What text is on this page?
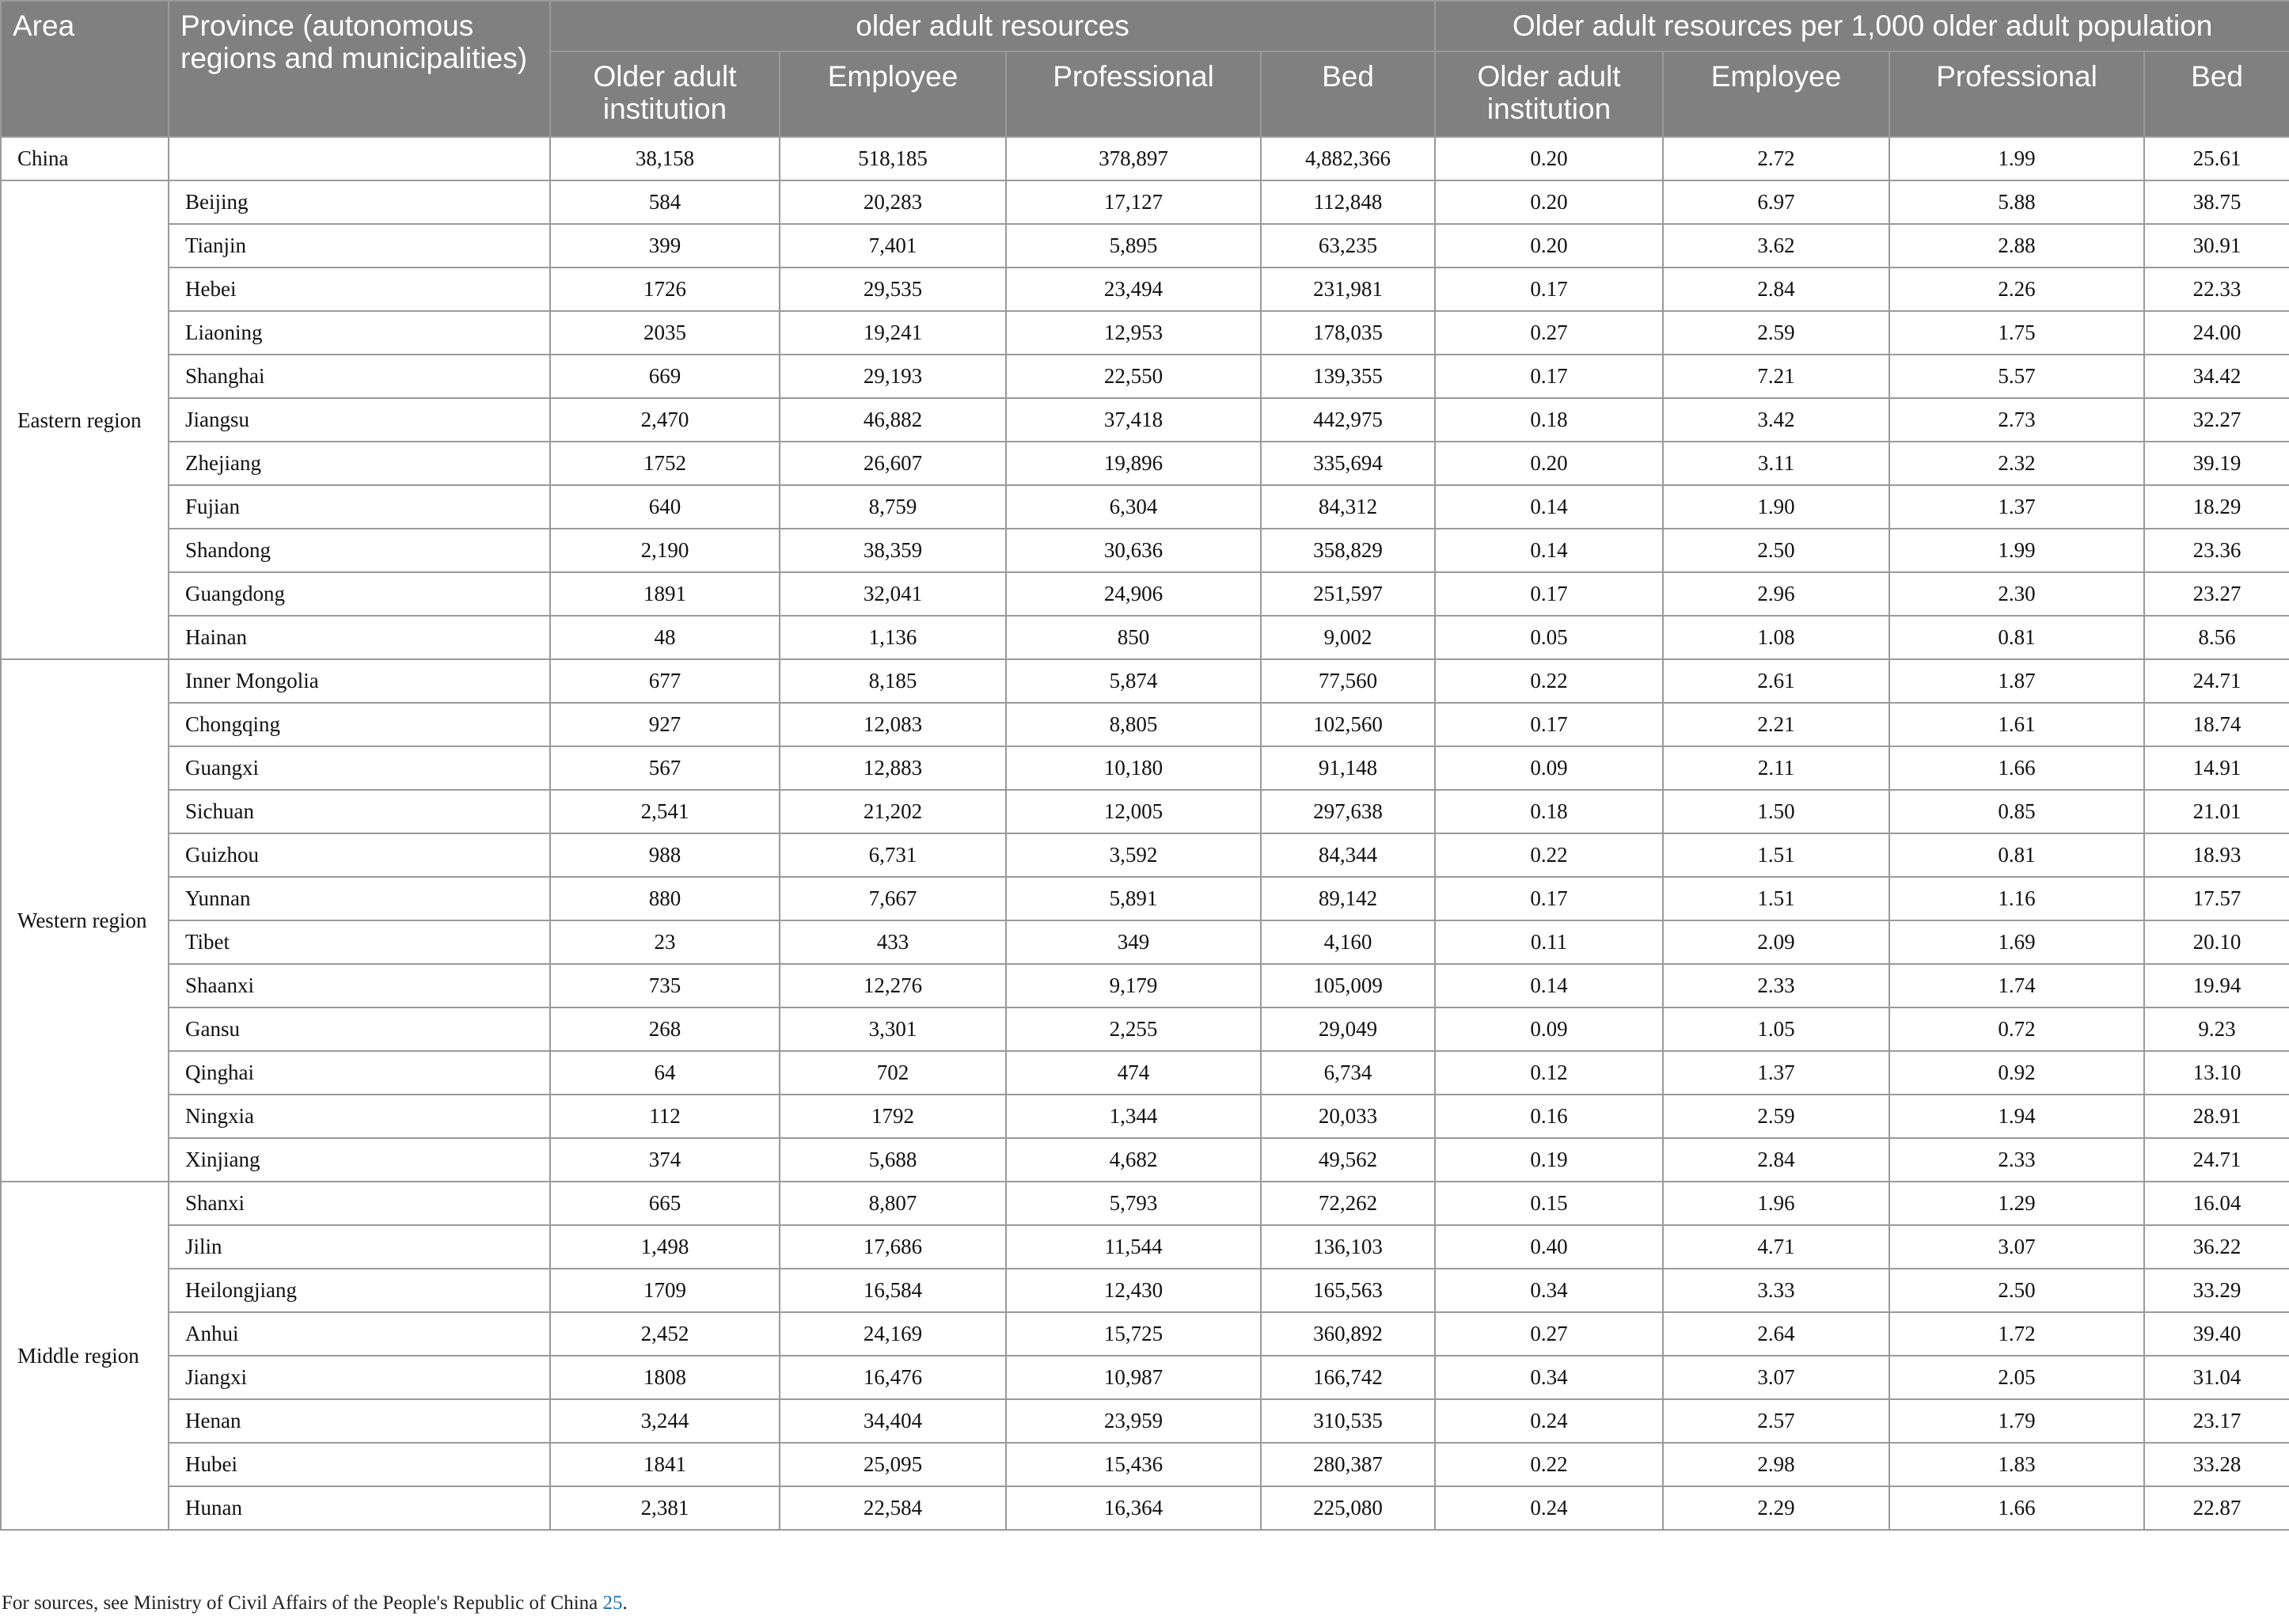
Area	Province (autonomous regions and municipalities)	older adult resources				Older adult resources per 1,000 older adult population			
		Older adult institution	Employee	Professional	Bed	Older adult institution	Employee	Professional	Bed
China		38,158	518,185	378,897	4,882,366	0.20	2.72	1.99	25.61
Eastern region	Beijing	584	20,283	17,127	112,848	0.20	6.97	5.88	38.75
	Tianjin	399	7,401	5,895	63,235	0.20	3.62	2.88	30.91
	Hebei	1726	29,535	23,494	231,981	0.17	2.84	2.26	22.33
	Liaoning	2035	19,241	12,953	178,035	0.27	2.59	1.75	24.00
	Shanghai	669	29,193	22,550	139,355	0.17	7.21	5.57	34.42
	Jiangsu	2,470	46,882	37,418	442,975	0.18	3.42	2.73	32.27
	Zhejiang	1752	26,607	19,896	335,694	0.20	3.11	2.32	39.19
	Fujian	640	8,759	6,304	84,312	0.14	1.90	1.37	18.29
	Shandong	2,190	38,359	30,636	358,829	0.14	2.50	1.99	23.36
	Guangdong	1891	32,041	24,906	251,597	0.17	2.96	2.30	23.27
	Hainan	48	1,136	850	9,002	0.05	1.08	0.81	8.56
Western region	Inner Mongolia	677	8,185	5,874	77,560	0.22	2.61	1.87	24.71
	Chongqing	927	12,083	8,805	102,560	0.17	2.21	1.61	18.74
	Guangxi	567	12,883	10,180	91,148	0.09	2.11	1.66	14.91
	Sichuan	2,541	21,202	12,005	297,638	0.18	1.50	0.85	21.01
	Guizhou	988	6,731	3,592	84,344	0.22	1.51	0.81	18.93
	Yunnan	880	7,667	5,891	89,142	0.17	1.51	1.16	17.57
	Tibet	23	433	349	4,160	0.11	2.09	1.69	20.10
	Shaanxi	735	12,276	9,179	105,009	0.14	2.33	1.74	19.94
	Gansu	268	3,301	2,255	29,049	0.09	1.05	0.72	9.23
	Qinghai	64	702	474	6,734	0.12	1.37	0.92	13.10
	Ningxia	112	1792	1,344	20,033	0.16	2.59	1.94	28.91
	Xinjiang	374	5,688	4,682	49,562	0.19	2.84	2.33	24.71
Middle region	Shanxi	665	8,807	5,793	72,262	0.15	1.96	1.29	16.04
	Jilin	1,498	17,686	11,544	136,103	0.40	4.71	3.07	36.22
	Heilongjiang	1709	16,584	12,430	165,563	0.34	3.33	2.50	33.29
	Anhui	2,452	24,169	15,725	360,892	0.27	2.64	1.72	39.40
	Jiangxi	1808	16,476	10,987	166,742	0.34	3.07	2.05	31.04
	Henan	3,244	34,404	23,959	310,535	0.24	2.57	1.79	23.17
	Hubei	1841	25,095	15,436	280,387	0.22	2.98	1.83	33.28
	Hunan	2,381	22,584	16,364	225,080	0.24	2.29	1.66	22.87
For sources, see Ministry of Civil Affairs of the People's Republic of China 25.
